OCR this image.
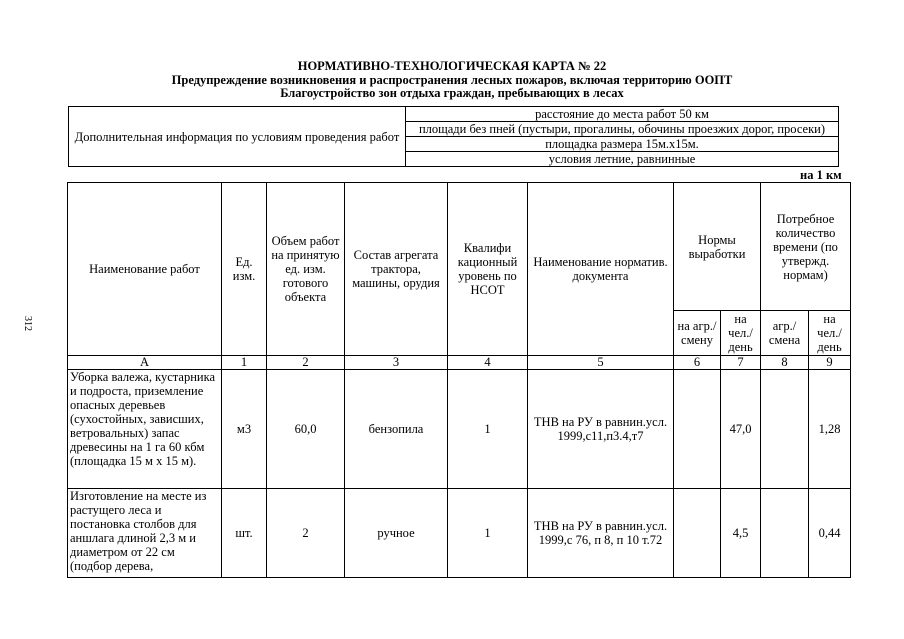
312
НОРМАТИВНО-ТЕХНОЛОГИЧЕСКАЯ КАРТА № 22
Предупреждение возникновения и распространения лесных пожаров, включая территорию ООПТ
Благоустройство зон отдыха граждан, пребывающих в лесах
Дополнительная информация по условиям проведения работ	расстояние до места работ 50 км
площади без пней (пустыри, прогалины, обочины проезжих дорог, просеки)
площадка размера 15м.x15м.
условия летние, равнинные
на 1 км
Наименование работ	Ед. изм.	Объем работ на принятую ед. изм. готового объекта	Состав агрегата трактора, машины, орудия	Квалифи кационный уровень по НСОТ	Наименование норматив. документа	Нормы выработки		Потребное количество времени (по утвержд. нормам)	
						на агр./ смену	на чел./ день	агр./ смена	на чел./ день
А	1	2	3	4	5	6	7	8	9
Уборка валежа, кустарника и подроста, приземление опасных деревьев (сухостойных, зависших, ветровальных) запас древесины на 1 га 60 кбм (площадка 15 м х 15 м).	м3	60,0	бензопила	1	ТНВ на РУ в равнин.усл. 1999,с11,п3.4,т7		47,0		1,28
Изготовление на месте из растущего леса и постановка столбов для аншлага длиной 2,3 м и диаметром от 22 см (подбор дерева,	шт.	2	ручное	1	ТНВ на РУ в равнин.усл. 1999,с 76, п 8, п 10 т.72		4,5		0,44
